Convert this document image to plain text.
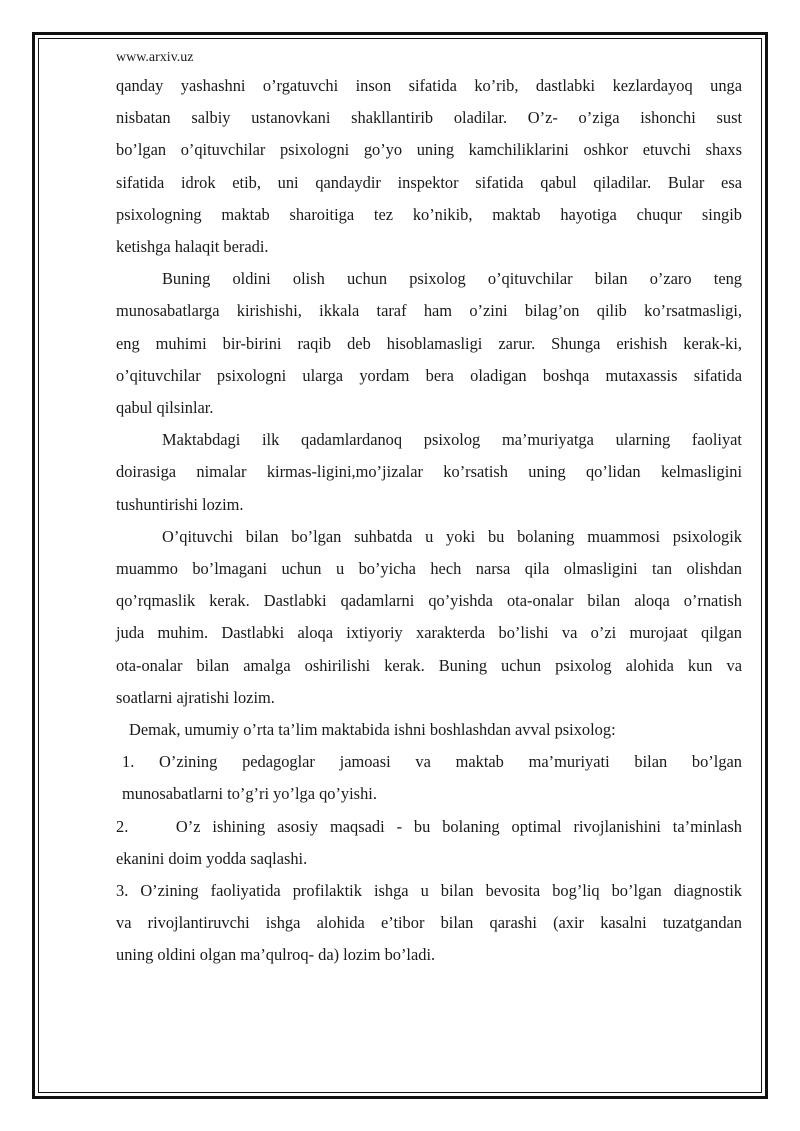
www.arxiv.uz

qanday yashashni o’rgatuvchi inson sifatida ko’rib, dastlabki kezlardayoq unga

nisbatan salbiy ustanovkani shakllantirib oladilar. O’z- o’ziga ishonchi sust

bo’lgan o’qituvchilar psixologni go’yo uning kamchiliklarini oshkor etuvchi shaxs

sifatida idrok etib, uni qandaydir inspektor sifatida qabul qiladilar. Bular esa

psixologning maktab sharoitiga tez ko’nikib, maktab hayotiga chuqur singib

ketishga halaqit beradi.

Buning oldini olish uchun psixolog o’qituvchilar bilan o’zaro teng

munosabatlarga kirishishi, ikkala taraf ham o’zini bilag’on qilib ko’rsatmasligi,

eng muhimi bir-birini raqib deb hisoblamasligi zarur. Shunga erishish kerak-ki,

o’qituvchilar psixologni ularga yordam bera oladigan boshqa mutaxassis sifatida

qabul qilsinlar.

Maktabdagi ilk qadamlardanoq psixolog ma’muriyatga ularning faoliyat

doirasiga nimalar kirmas-ligini,mo’jizalar ko’rsatish uning qo’lidan kelmasligini

tushuntirishi lozim.

O’qituvchi bilan bo’lgan suhbatda u yoki bu bolaning muammosi psixologik

muammo bo’lmagani uchun u bo’yicha hech narsa qila olmasligini tan olishdan

qo’rqmaslik kerak. Dastlabki qadamlarni qo’yishda ota-onalar bilan aloqa o’rnatish

juda muhim. Dastlabki aloqa ixtiyoriy xarakterda bo’lishi va o’zi murojaat qilgan

ota-onalar bilan amalga oshirilishi kerak. Buning uchun psixolog alohida kun va

soatlarni ajratishi lozim.

Demak, umumiy o’rta ta’lim maktabida ishni boshlashdan avval psixolog:

1. O’zining pedagoglar jamoasi va maktab ma’muriyati bilan bo’lgan

munosabatlarni to’g’ri yo’lga qo’yishi.

2.    O’z ishining asosiy maqsadi - bu bolaning optimal rivojlanishini ta’minlash

ekanini doim yodda saqlashi.

3. O’zining faoliyatida profilaktik ishga u bilan bevosita bog’liq bo’lgan diagnostik

va rivojlantiruvchi ishga alohida e’tibor bilan qarashi (axir kasalni tuzatgandan

uning oldini olgan ma’qulroq- da) lozim bo’ladi.
